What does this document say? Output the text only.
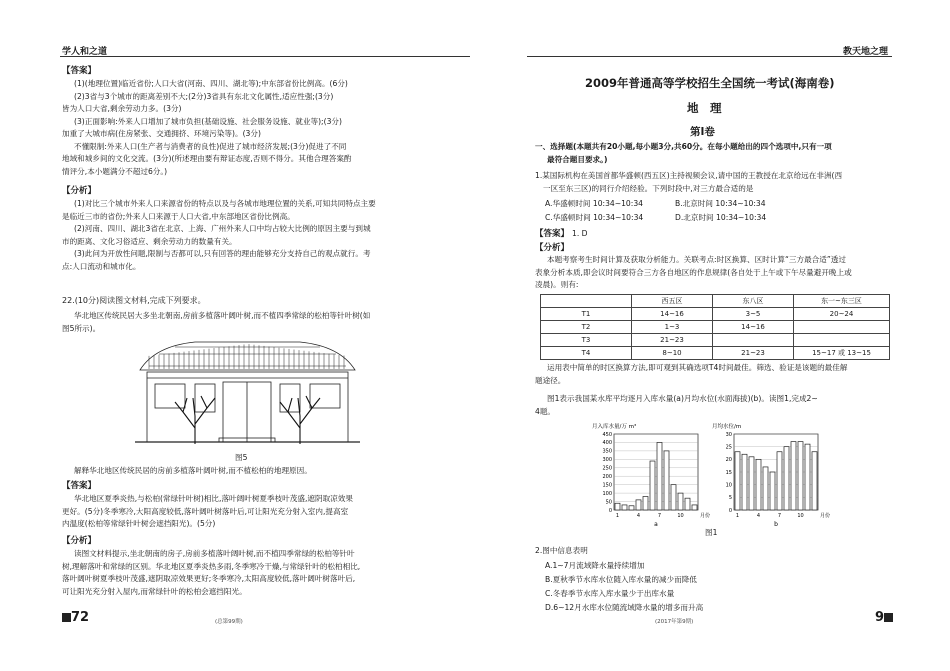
学人和之道
【答案】
(1)(地理位置)临近省份;人口大省(河南、四川、湖北等);中东部省份比例高。(6分)
(2)3省与3个城市的距离差别不大;(2分)3省具有东北文化属性,适应性强;(3分)
皆为人口大省,剩余劳动力多。(3分)
(3)正面影响:外来人口增加了城市负担(基础设施、社会服务设施、就业等);(3分)
加重了大城市病(住房紧张、交通拥挤、环境污染等)。(3分)
不懂限制:外来人口(生产者与消费者的良性)促进了城市经济发展;(3分)促进了不同
地域和城乡间的文化交流。(3分)(所述理由要有辩证态度,否则不得分。其他合理答案酌
情评分,本小题满分不超过6分。)
【分析】
(1)对比三个城市外来人口来源省份的特点以及与各城市地理位置的关系,可知共同特点主要
是临近三市的省份;外来人口来源于人口大省,中东部地区省份比例高。
(2)河南、四川、湖北3省在北京、上海、广州外来人口中均占较大比例的原因主要与到城
市的距离、文化习俗适应、剩余劳动力的数量有关。
(3)此问为开放性问题,限制与否都可以,只有回答的理由能够充分支持自己的观点就行。考
点:人口流动和城市化。
22.(10分)阅读图文材料,完成下列要求。
华北地区传统民居大多坐北朝南,房前多植落叶阔叶树,而不植四季常绿的松柏等针叶树(如
图5所示)。
图5
解释华北地区传统民居的房前多植落叶阔叶树,而不植松柏的地理原因。
【答案】
华北地区夏季炎热,与松柏(常绿针叶树)相比,落叶阔叶树夏季枝叶茂盛,遮阴取凉效果
更好。(5分)冬季寒冷,大阳高度较低,落叶阔叶树落叶后,可让阳光充分射入室内,提高室
内温度(松柏等常绿针叶树会遮挡阳光)。(5分)
【分析】
读图文材料提示,坐北朝南的房子,房前多植落叶阔叶树,而不植四季常绿的松柏等针叶
树,理解落叶和常绿的区别。华北地区夏季炎热多雨,冬季寒冷干燥,与常绿针叶的松柏相比,
落叶阔叶树夏季枝叶茂盛,遮阴取凉效果更好;冬季寒冷,太阳高度较低,落叶阔叶树落叶后,
可让阳光充分射入屋内,而常绿针叶的松柏会遮挡阳光。
72	(总第99期)
教天地之理
2009年普通高等学校招生全国统一考试(海南卷)
地　理
第Ⅰ卷
一、选择题(本题共有20小题,每小题3分,共60分。在每小题给出的四个选项中,只有一项
最符合题目要求。)
1.某国际机构在美国首都华盛顿(西五区)主持视频会议,请中国的王教授在北京给远在非洲(西
一区至东三区)的同行介绍经验。下列时段中,对三方最合适的是
A.华盛顿时间 10:34~10:34	B.北京时间 10:34~10:34
C.华盛顿时间 10:34~10:34	D.北京时间 10:34~10:34
【答案】 1. D
【分析】
本题考察考生时间计算及获取分析能力。关联考点:时区换算、区时计算“三方最合适”透过
表象分析本质,即会议时间要符合三方各自地区的作息规律(各自处于上午或下午尽量避开晚上或
凌晨)。则有:
	西五区	东八区	东一~东三区
T1	14~16	3~5	20~24
T2	1~3	14~16	
T3	21~23		
T4	8~10	21~23	15~17 或 13~15
运用表中简单的时区换算方法,即可观到其确选项T4时间最佳。筛选、验证是该题的最佳解
题途径。
图1表示我国某水库平均逐月入库水量(a)月均水位(水面海拔)(b)。读图1,完成2~
4题。
月入库水量/万 m³
0
50
100
150
200
250
300
350
400
450
1	4	7	10	月份
a
月均水位/m
0
5
10
15
20
25
30
1	4	7	10	月份
b
图1
2.图中信息表明
A.1~7月流域降水量持续增加
B.夏秋季节水库水位随入库水量的减少而降低
C.冬春季节水库入库水量少于出库水量
D.6~12月水库水位随流域降水量的增多而升高
9
(2017年第9期)
